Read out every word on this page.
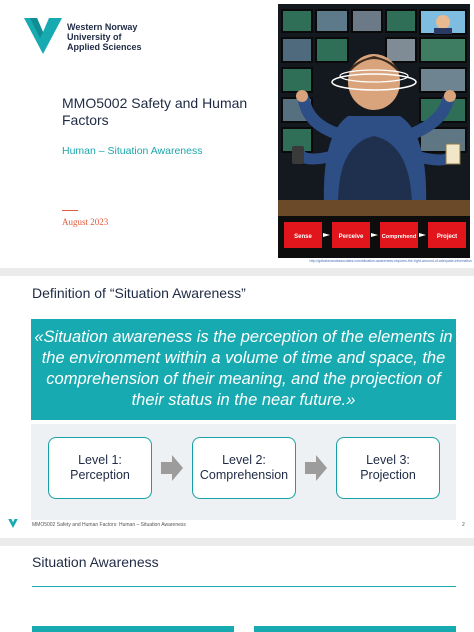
Western Norway
University of
Applied Sciences
MMO5002 Safety and Human Factors
Human – Situation Awareness
August 2023
Sense	Perceive	Comprehend	Project
http://gdbakerandassociates.com/situation-awareness-requires-the-right-amount-of-adequate-information
Definition of “Situation Awareness”
«Situation awareness is the perception of the elements in the environment within a volume of time and space, the comprehension of their meaning, and the projection of their status in the near future.»
Level 1:
Perception
Level 2:
Comprehension
Level 3:
Projection
MMO5002 Safety and Human Factors: Human – Situation Awareness	2
Situation Awareness
